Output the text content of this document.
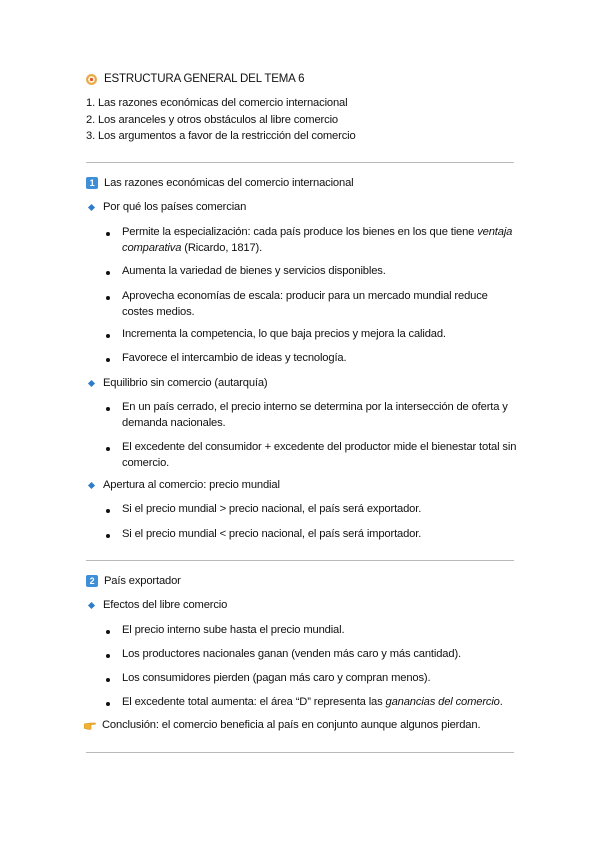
ESTRUCTURA GENERAL DEL TEMA 6
1. Las razones económicas del comercio internacional
2. Los aranceles y otros obstáculos al libre comercio
3. Los argumentos a favor de la restricción del comercio
1 Las razones económicas del comercio internacional
Por qué los países comercian
Permite la especialización: cada país produce los bienes en los que tiene ventaja comparativa (Ricardo, 1817).
Aumenta la variedad de bienes y servicios disponibles.
Aprovecha economías de escala: producir para un mercado mundial reduce costes medios.
Incrementa la competencia, lo que baja precios y mejora la calidad.
Favorece el intercambio de ideas y tecnología.
Equilibrio sin comercio (autarquía)
En un país cerrado, el precio interno se determina por la intersección de oferta y demanda nacionales.
El excedente del consumidor + excedente del productor mide el bienestar total sin comercio.
Apertura al comercio: precio mundial
Si el precio mundial > precio nacional, el país será exportador.
Si el precio mundial < precio nacional, el país será importador.
2 País exportador
Efectos del libre comercio
El precio interno sube hasta el precio mundial.
Los productores nacionales ganan (venden más caro y más cantidad).
Los consumidores pierden (pagan más caro y compran menos).
El excedente total aumenta: el área “D” representa las ganancias del comercio.
Conclusión: el comercio beneficia al país en conjunto aunque algunos pierdan.
